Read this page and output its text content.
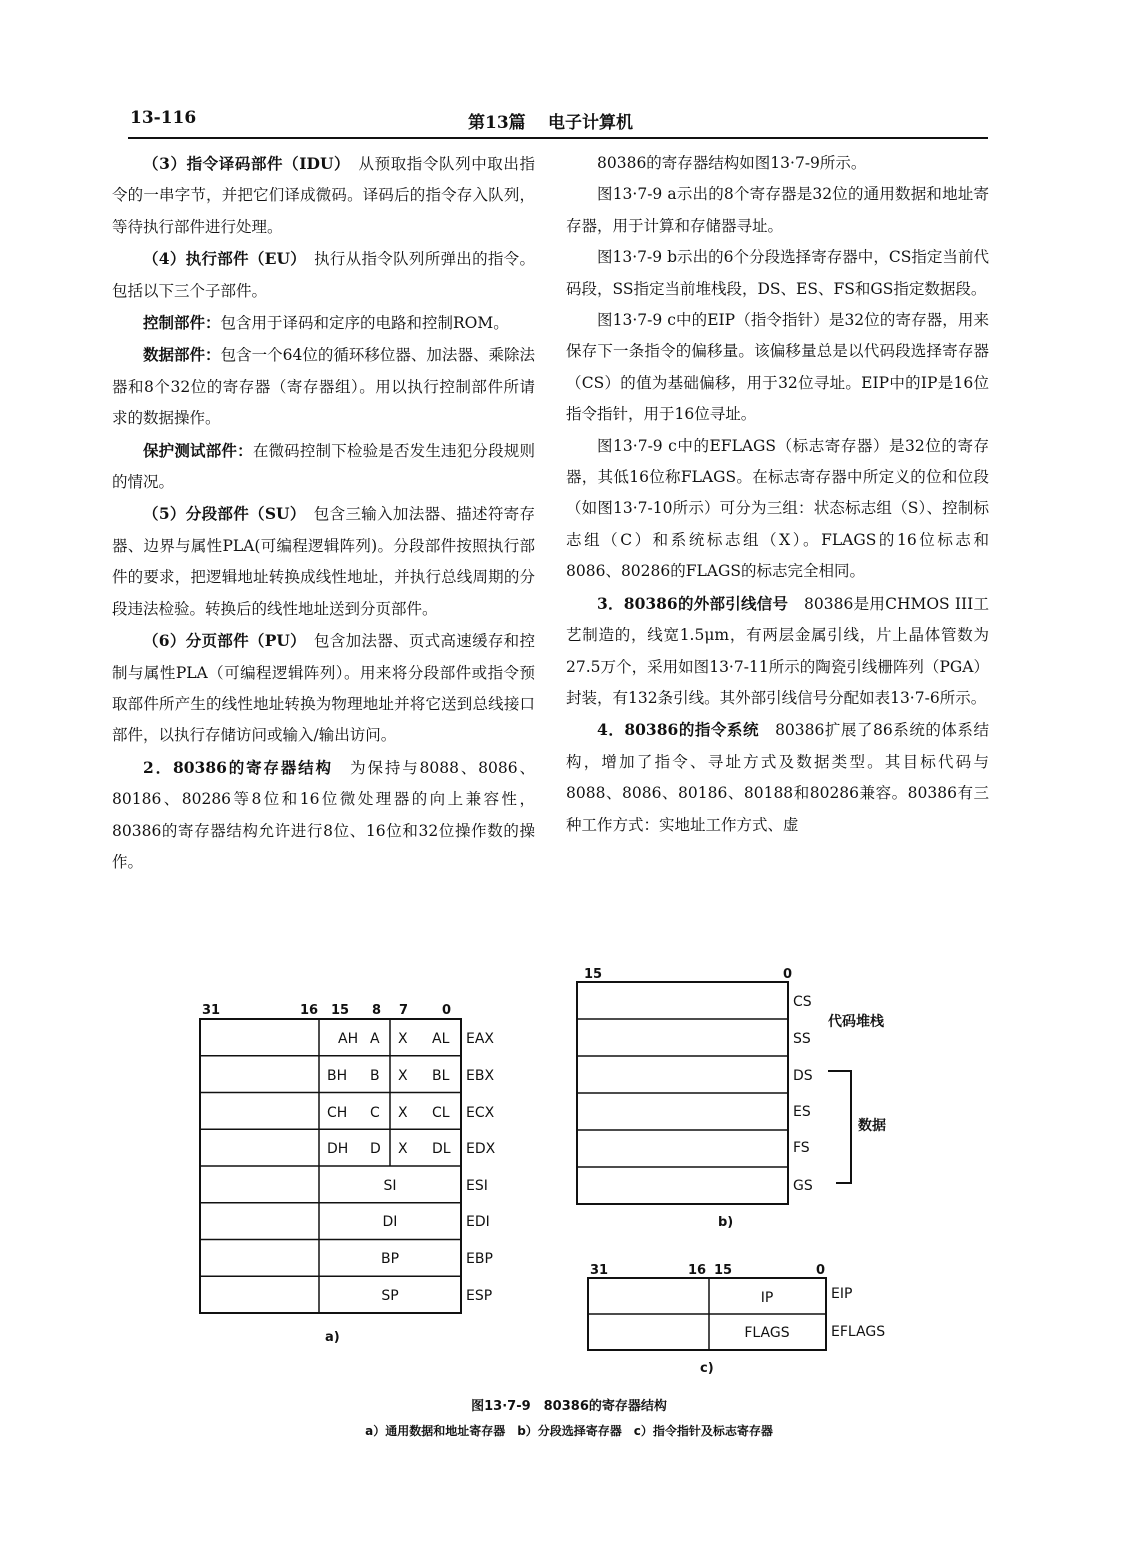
13-116	第13篇 电子计算机

（3）指令译码部件（IDU）　 从预取指令队列中取出指令的一串字节，并把它们译成微码。译码后的指令存入队列，等待执行部件进行处理。

（4）执行部件（EU）　 执行从指令队列所弹出的指令。包括以下三个子部件。

控制部件：包含用于译码和定序的电路和控制ROM。

数据部件：包含一个64位的循环移位器、加法器、乘除法器和8个32位的寄存器（寄存器组）。用以执行控制部件所请求的数据操作。

保护测试部件：在微码控制下检验是否发生违犯分段规则的情况。

（5）分段部件（SU）　 包含三输入加法器、描述符寄存器、边界与属性PLA(可编程逻辑阵列)。分段部件按照执行部件的要求，把逻辑地址转换成线性地址，并执行总线周期的分段违法检验。转换后的线性地址送到分页部件。

（6）分页部件（PU）　 包含加法器、页式高速缓存和控制与属性PLA（可编程逻辑阵列）。用来将分段部件或指令预取部件所产生的线性地址转换为物理地址并将它送到总线接口部件，以执行存储访问或输入/输出访问。

2．80386的寄存器结构　 为保持与8088、8086、80186、80286等8位和16位微处理器的向上兼容性，80386的寄存器结构允许进行8位、16位和32位操作数的操作。

80386的寄存器结构如图13·7-9所示。

图13·7-9 a示出的8个寄存器是32位的通用数据和地址寄存器，用于计算和存储器寻址。

图13·7-9 b示出的6个分段选择寄存器中，CS指定当前代码段，SS指定当前堆栈段，DS、ES、FS和GS指定数据段。

图13·7-9 c中的EIP（指令指针）是32位的寄存器，用来保存下一条指令的偏移量。该偏移量总是以代码段选择寄存器（CS）的值为基础偏移，用于32位寻址。EIP中的IP是16位指令指针，用于16位寻址。

图13·7-9 c中的EFLAGS（标志寄存器）是32位的寄存器，其低16位称FLAGS。在标志寄存器中所定义的位和位段（如图13·7-10所示）可分为三组：状态标志组（S）、控制标志组（C）和系统标志组（X）。FLAGS的16位标志和8086、80286的FLAGS的标志完全相同。

3．80386的外部引线信号　 80386是用CHMOS III工艺制造的，线宽1.5μm，有两层金属引线，片上晶体管数为27.5万个，采用如图13·7-11所示的陶瓷引线栅阵列（PGA）封装，有132条引线。其外部引线信号分配如表13·7-6所示。

4．80386的指令系统　 80386扩展了86系统的体系结构，增加了指令、寻址方式及数据类型。其目标代码与8088、8086、80186、80188和80286兼容。80386有三种工作方式：实地址工作方式、虚

31	16 15 8 7	0
AH A X AL EAX
BH B X BL EBX
CH C X CL ECX
DH D X DL EDX
SI	ESI
DI	EDI
BP	EBP
SP	ESP
a)
15	0
CS
SS
DS
ES
FS
GS
代码堆栈
数据
b)
31	16 15	0
IP	EIP
FLAGS	EFLAGS
c)
图13·7-9　80386的寄存器结构
a）通用数据和地址寄存器　b）分段选择寄存器　c）指令指针及标志寄存器
